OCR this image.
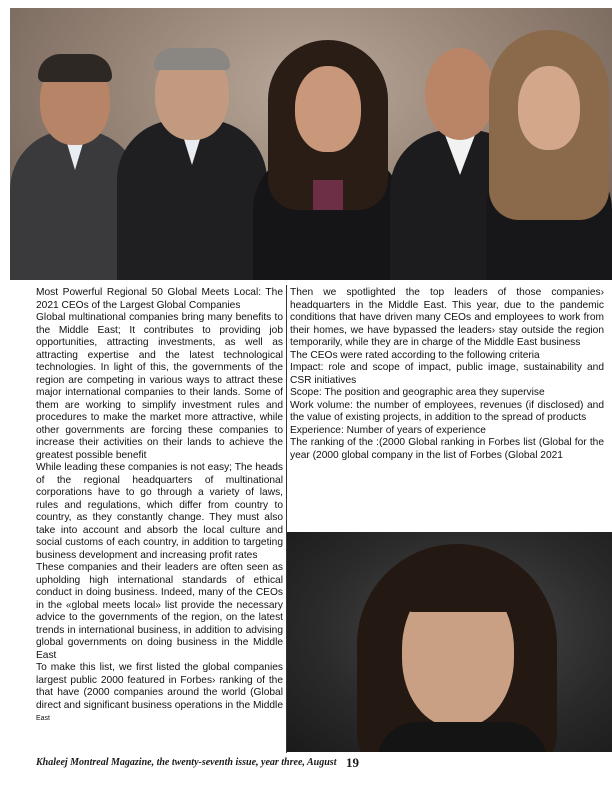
Most Powerful Regional 50 Global Meets Local: The 2021 CEOs of the Largest Global Companies

Global multinational companies bring many benefits to the Middle East; It contributes to providing job opportunities, attracting investments, as well as attracting expertise and the latest technological technologies. In light of this, the governments of the region are competing in various ways to attract these major international companies to their lands. Some of them are working to simplify investment rules and procedures to make the market more attractive, while other governments are forcing these companies to increase their activities on their lands to achieve the greatest possible benefit

While leading these companies is not easy; The heads of the regional headquarters of multinational corporations have to go through a variety of laws, rules and regulations, which differ from country to country, as they constantly change. They must also take into account and absorb the local culture and social customs of each country, in addition to targeting business development and increasing profit rates

These companies and their leaders are often seen as upholding high international standards of ethical conduct in doing business. Indeed, many of the CEOs in the «global meets local» list provide the necessary advice to the governments of the region, on the latest trends in international business, in addition to advising global governments on doing business in the Middle East

To make this list, we first listed the global companies largest public 2000 featured in Forbes› ranking of the that have (2000 companies around the world (Global direct and significant business operations in the Middle East

Then we spotlighted the top leaders of those companies› headquarters in the Middle East. This year, due to the pandemic conditions that have driven many CEOs and employees to work from their homes, we have bypassed the leaders› stay outside the region temporarily, while they are in charge of the Middle East business

The CEOs were rated according to the following criteria

Impact: role and scope of impact, public image, sustainability and CSR initiatives

Scope: The position and geographic area they supervise

Work volume: the number of employees, revenues (if disclosed) and the value of existing projects, in addition to the spread of products

Experience: Number of years of experience

The ranking of the :(2000 Global ranking in Forbes list (Global for the year (2000 global company in the list of Forbes (Global 2021

Khaleej Montreal Magazine, the twenty-seventh issue, year three, August 19
